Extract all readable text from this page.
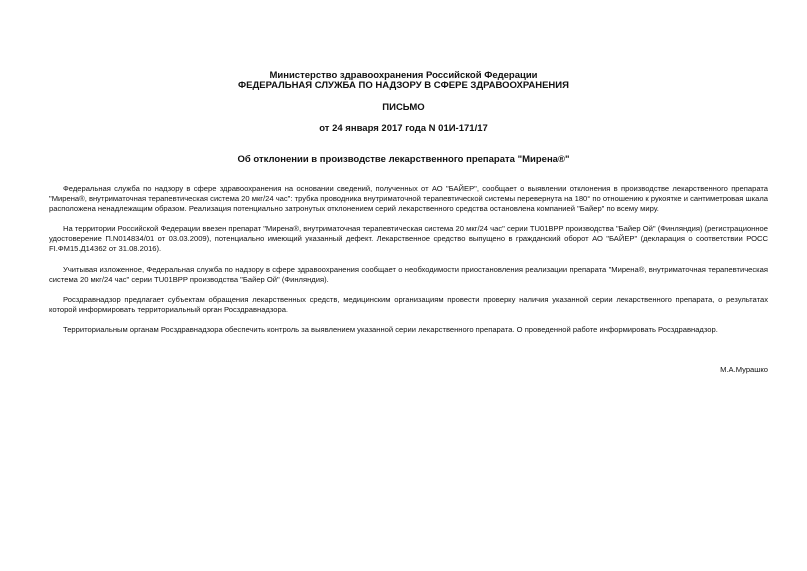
Министерство здравоохранения Российской Федерации
ФЕДЕРАЛЬНАЯ СЛУЖБА ПО НАДЗОРУ В СФЕРЕ ЗДРАВООХРАНЕНИЯ
ПИСЬМО
от 24 января 2017 года N 01И-171/17
Об отклонении в производстве лекарственного препарата "Мирена®"

Федеральная служба по надзору в сфере здравоохранения на основании сведений, полученных от АО "БАЙЕР", сообщает о выявлении отклонения в производстве лекарственного препарата "Мирена®, внутриматочная терапевтическая система 20 мкг/24 час": трубка проводника внутриматочной терапевтической системы перевернута на 180° по отношению к рукоятке и сантиметровая шкала расположена ненадлежащим образом. Реализация потенциально затронутых отклонением серий лекарственного средства остановлена компанией "Байер" по всему миру.

На территории Российской Федерации ввезен препарат "Мирена®, внутриматочная терапевтическая система 20 мкг/24 час" серии TU01BPP производства "Байер Ой" (Финляндия) (регистрационное удостоверение П.N014834/01 от 03.03.2009), потенциально имеющий указанный дефект. Лекарственное средство выпущено в гражданский оборот АО "БАЙЕР" (декларация о соответствии РОСС FI.ФМ15.Д14362 от 31.08.2016).

Учитывая изложенное, Федеральная служба по надзору в сфере здравоохранения сообщает о необходимости приостановления реализации препарата "Мирена®, внутриматочная терапевтическая система 20 мкг/24 час" серии TU01BPP производства "Байер Ой" (Финляндия).

Росздравнадзор предлагает субъектам обращения лекарственных средств, медицинским организациям провести проверку наличия указанной серии лекарственного препарата, о результатах которой информировать территориальный орган Росздравнадзора.

Территориальным органам Росздравнадзора обеспечить контроль за выявлением указанной серии лекарственного препарата. О проведенной работе информировать Росздравнадзор.

М.А.Мурашко
